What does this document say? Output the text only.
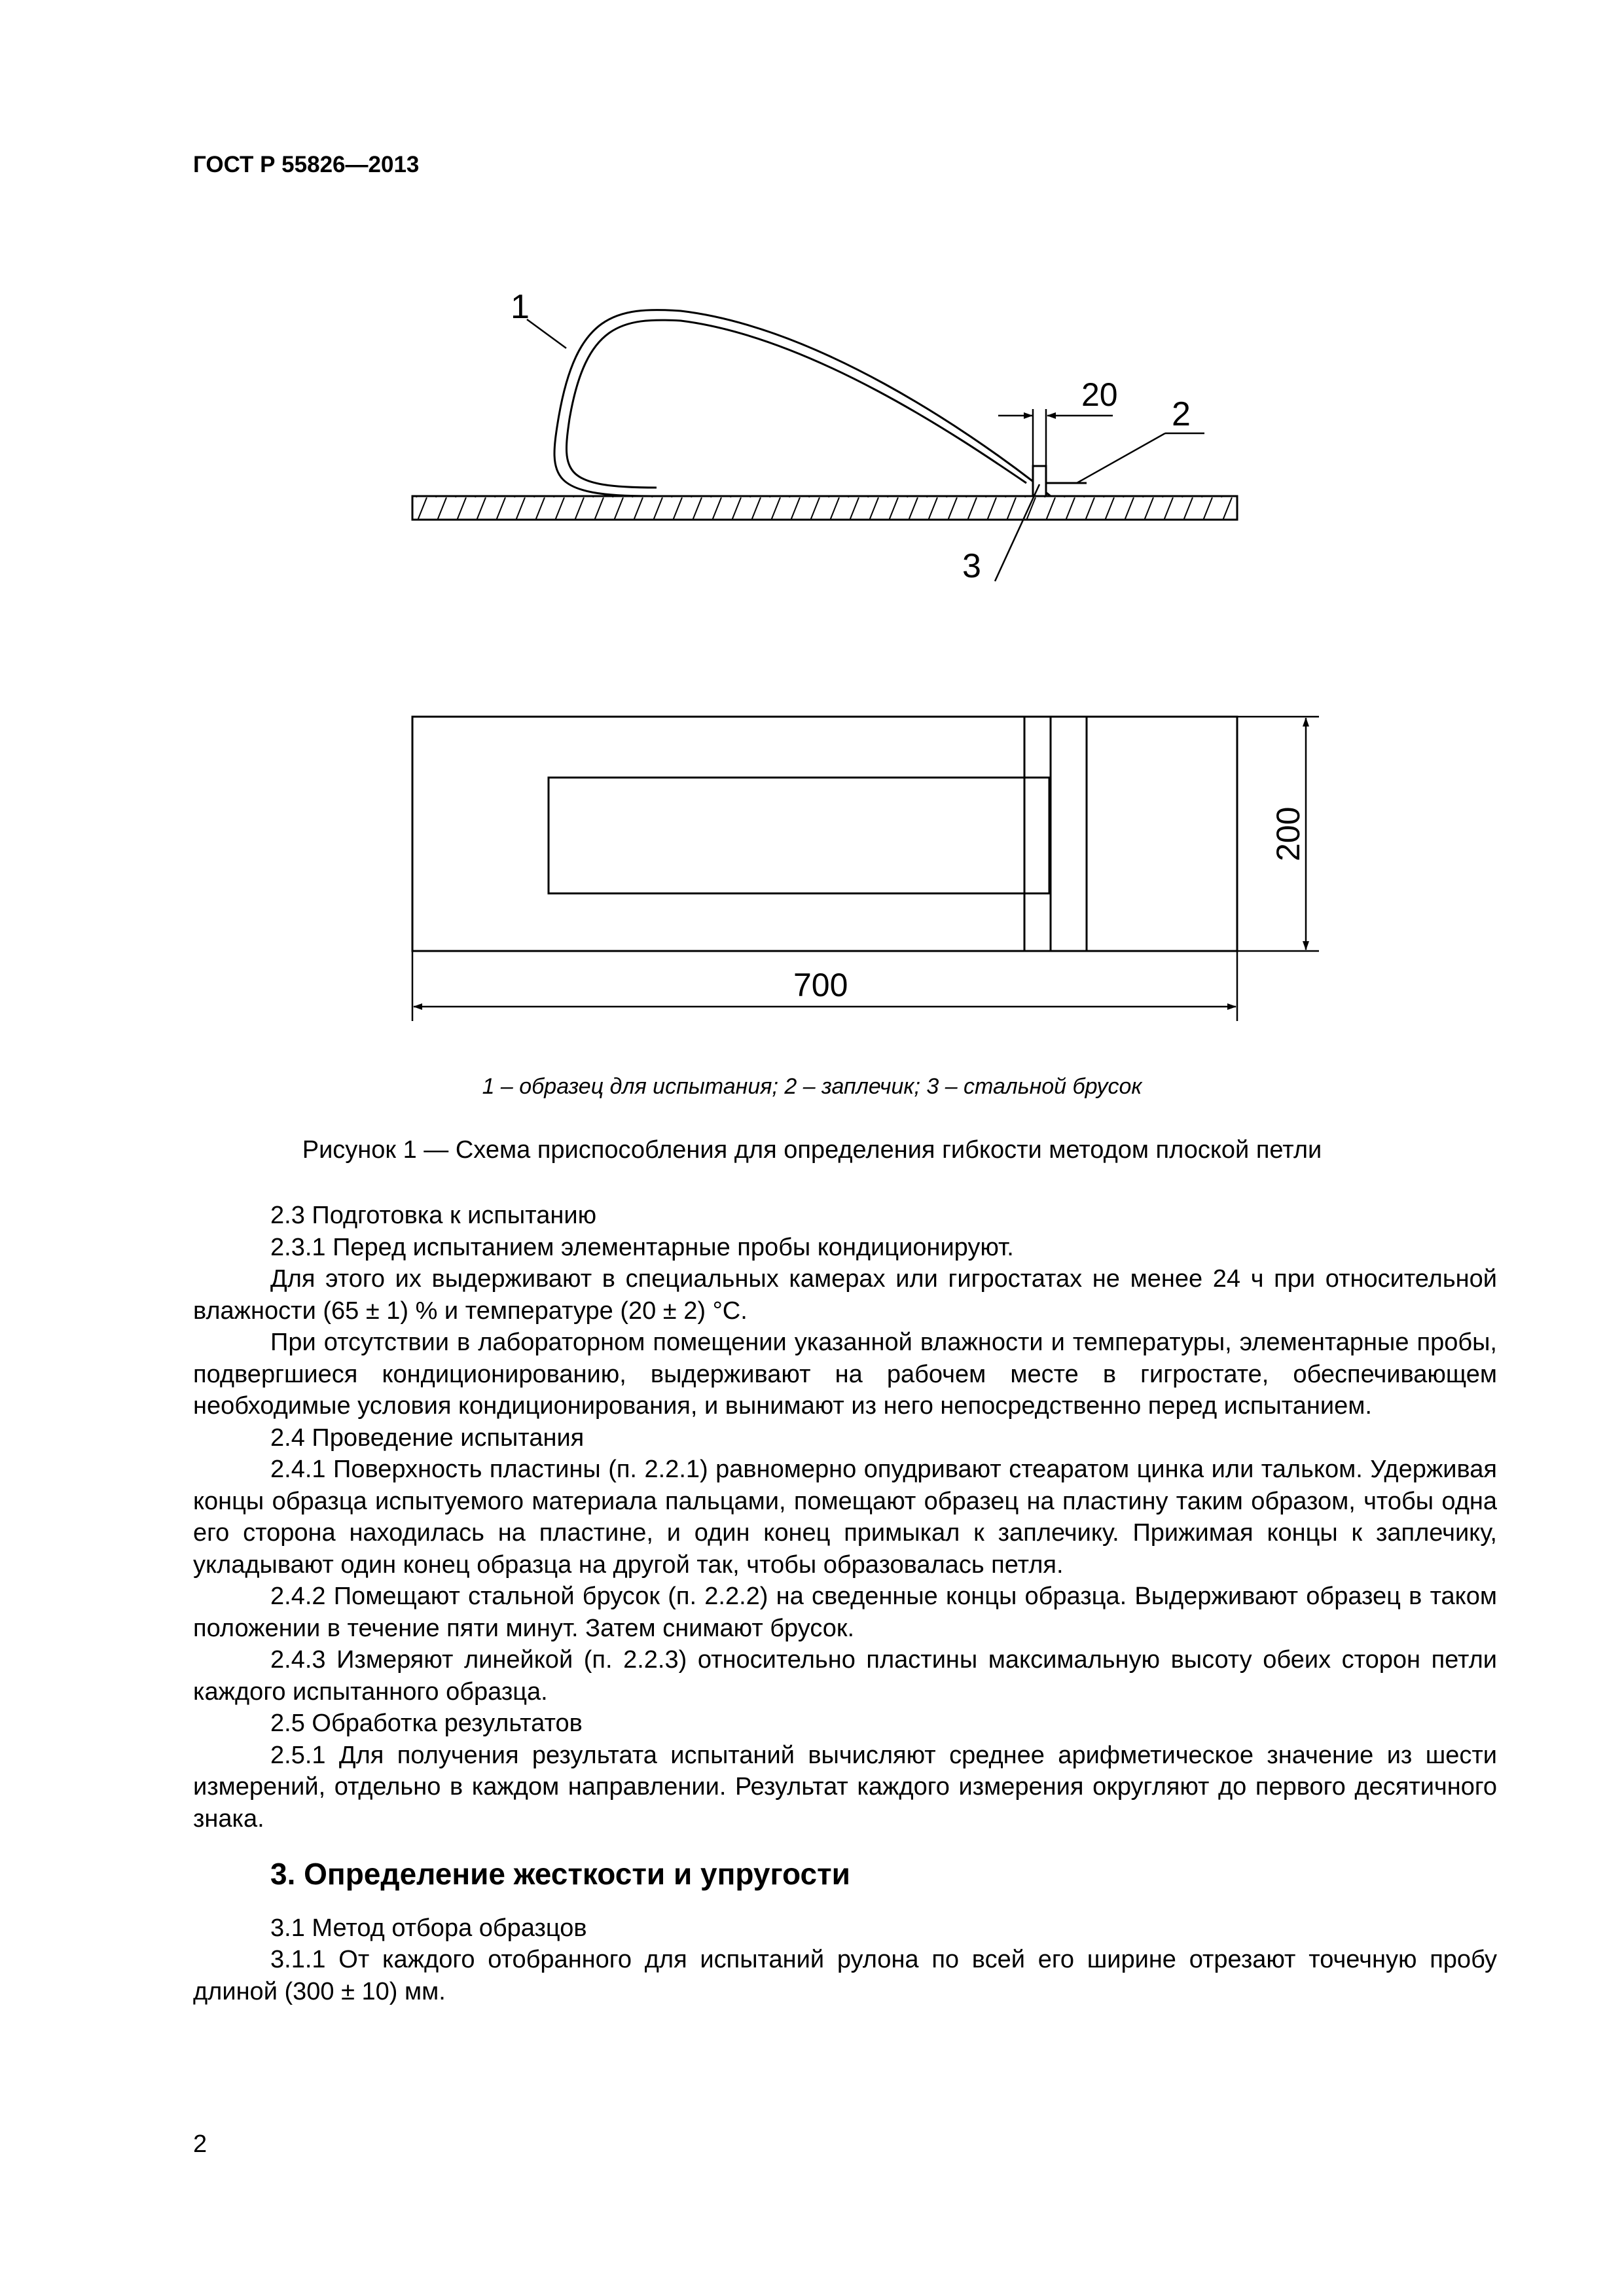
ГОСТ Р 55826—2013
20
1
2
3
200
700
1 – образец для испытания; 2 – заплечик; 3 – стальной брусок
Рисунок 1 — Схема приспособления для определения гибкости методом плоской петли

2.3 Подготовка к испытанию

2.3.1 Перед испытанием элементарные пробы кондиционируют.

Для этого их выдерживают в специальных камерах или гигростатах не менее 24 ч при относительной влажности (65 ± 1) % и температуре (20 ± 2) °С.

При отсутствии в лабораторном помещении указанной влажности и температуры, элементарные пробы, подвергшиеся кондиционированию, выдерживают на рабочем месте в гигростате, обеспечивающем необходимые условия кондиционирования, и вынимают из него непосредственно перед испытанием.

2.4 Проведение испытания

2.4.1 Поверхность пластины (п. 2.2.1) равномерно опудривают стеаратом цинка или тальком. Удерживая концы образца испытуемого материала пальцами, помещают образец на пластину таким образом, чтобы одна его сторона находилась на пластине, и один конец примыкал к заплечику. Прижимая концы к заплечику, укладывают один конец образца на другой так, чтобы образовалась петля.

2.4.2 Помещают стальной брусок (п. 2.2.2) на сведенные концы образца. Выдерживают образец в таком положении в течение пяти минут. Затем снимают брусок.

2.4.3 Измеряют линейкой (п. 2.2.3) относительно пластины максимальную высоту обеих сторон петли каждого испытанного образца.

2.5 Обработка результатов

2.5.1 Для получения результата испытаний вычисляют среднее арифметическое значение из шести измерений, отдельно в каждом направлении. Результат каждого измерения округляют до первого десятичного знака.

3. Определение жесткости и упругости

3.1 Метод отбора образцов

3.1.1 От каждого отобранного для испытаний рулона по всей его ширине отрезают точечную пробу длиной (300 ± 10) мм.

2
